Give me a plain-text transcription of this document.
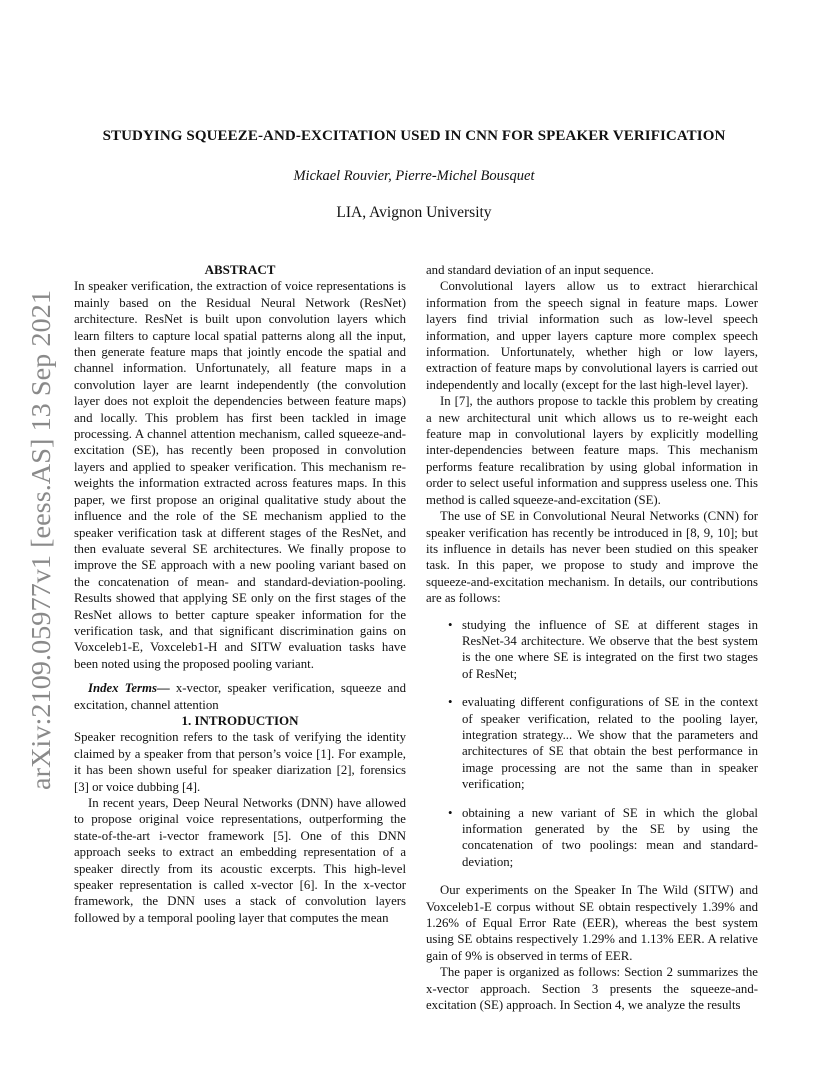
arXiv:2109.05977v1 [eess.AS] 13 Sep 2021
STUDYING SQUEEZE-AND-EXCITATION USED IN CNN FOR SPEAKER VERIFICATION
Mickael Rouvier, Pierre-Michel Bousquet
LIA, Avignon University

ABSTRACT

In speaker verification, the extraction of voice representations is mainly based on the Residual Neural Network (ResNet) architecture. ResNet is built upon convolution layers which learn filters to capture local spatial patterns along all the input, then generate feature maps that jointly encode the spatial and channel information. Unfortunately, all feature maps in a convolution layer are learnt independently (the convolution layer does not exploit the dependencies between feature maps) and locally. This problem has first been tackled in image processing. A channel attention mechanism, called squeeze-and-excitation (SE), has recently been proposed in convolution layers and applied to speaker verification. This mechanism re-weights the information extracted across features maps. In this paper, we first propose an original qualitative study about the influence and the role of the SE mechanism applied to the speaker verification task at different stages of the ResNet, and then evaluate several SE architectures. We finally propose to improve the SE approach with a new pooling variant based on the concatenation of mean- and standard-deviation-pooling. Results showed that applying SE only on the first stages of the ResNet allows to better capture speaker information for the verification task, and that significant discrimination gains on Voxceleb1-E, Voxceleb1-H and SITW evaluation tasks have been noted using the proposed pooling variant.

Index Terms— x-vector, speaker verification, squeeze and excitation, channel attention

1. INTRODUCTION

Speaker recognition refers to the task of verifying the identity claimed by a speaker from that person’s voice [1]. For example, it has been shown useful for speaker diarization [2], forensics [3] or voice dubbing [4].

In recent years, Deep Neural Networks (DNN) have allowed to propose original voice representations, outperforming the state-of-the-art i-vector framework [5]. One of this DNN approach seeks to extract an embedding representation of a speaker directly from its acoustic excerpts. This high-level speaker representation is called x-vector [6]. In the x-vector framework, the DNN uses a stack of convolution layers followed by a temporal pooling layer that computes the mean

and standard deviation of an input sequence.

Convolutional layers allow us to extract hierarchical information from the speech signal in feature maps. Lower layers find trivial information such as low-level speech information, and upper layers capture more complex speech information. Unfortunately, whether high or low layers, extraction of feature maps by convolutional layers is carried out independently and locally (except for the last high-level layer).

In [7], the authors propose to tackle this problem by creating a new architectural unit which allows us to re-weight each feature map in convolutional layers by explicitly modelling inter-dependencies between feature maps. This mechanism performs feature recalibration by using global information in order to select useful information and suppress useless one. This method is called squeeze-and-excitation (SE).

The use of SE in Convolutional Neural Networks (CNN) for speaker verification has recently be introduced in [8, 9, 10]; but its influence in details has never been studied on this speaker task. In this paper, we propose to study and improve the squeeze-and-excitation mechanism. In details, our contributions are as follows:

• studying the influence of SE at different stages in ResNet-34 architecture. We observe that the best system is the one where SE is integrated on the first two stages of ResNet;
• evaluating different configurations of SE in the context of speaker verification, related to the pooling layer, integration strategy... We show that the parameters and architectures of SE that obtain the best performance in image processing are not the same than in speaker verification;
• obtaining a new variant of SE in which the global information generated by the SE by using the concatenation of two poolings: mean and standard-deviation;

Our experiments on the Speaker In The Wild (SITW) and Voxceleb1-E corpus without SE obtain respectively 1.39% and 1.26% of Equal Error Rate (EER), whereas the best system using SE obtains respectively 1.29% and 1.13% EER. A relative gain of 9% is observed in terms of EER.

The paper is organized as follows: Section 2 summarizes the x-vector approach. Section 3 presents the squeeze-and-excitation (SE) approach. In Section 4, we analyze the results
